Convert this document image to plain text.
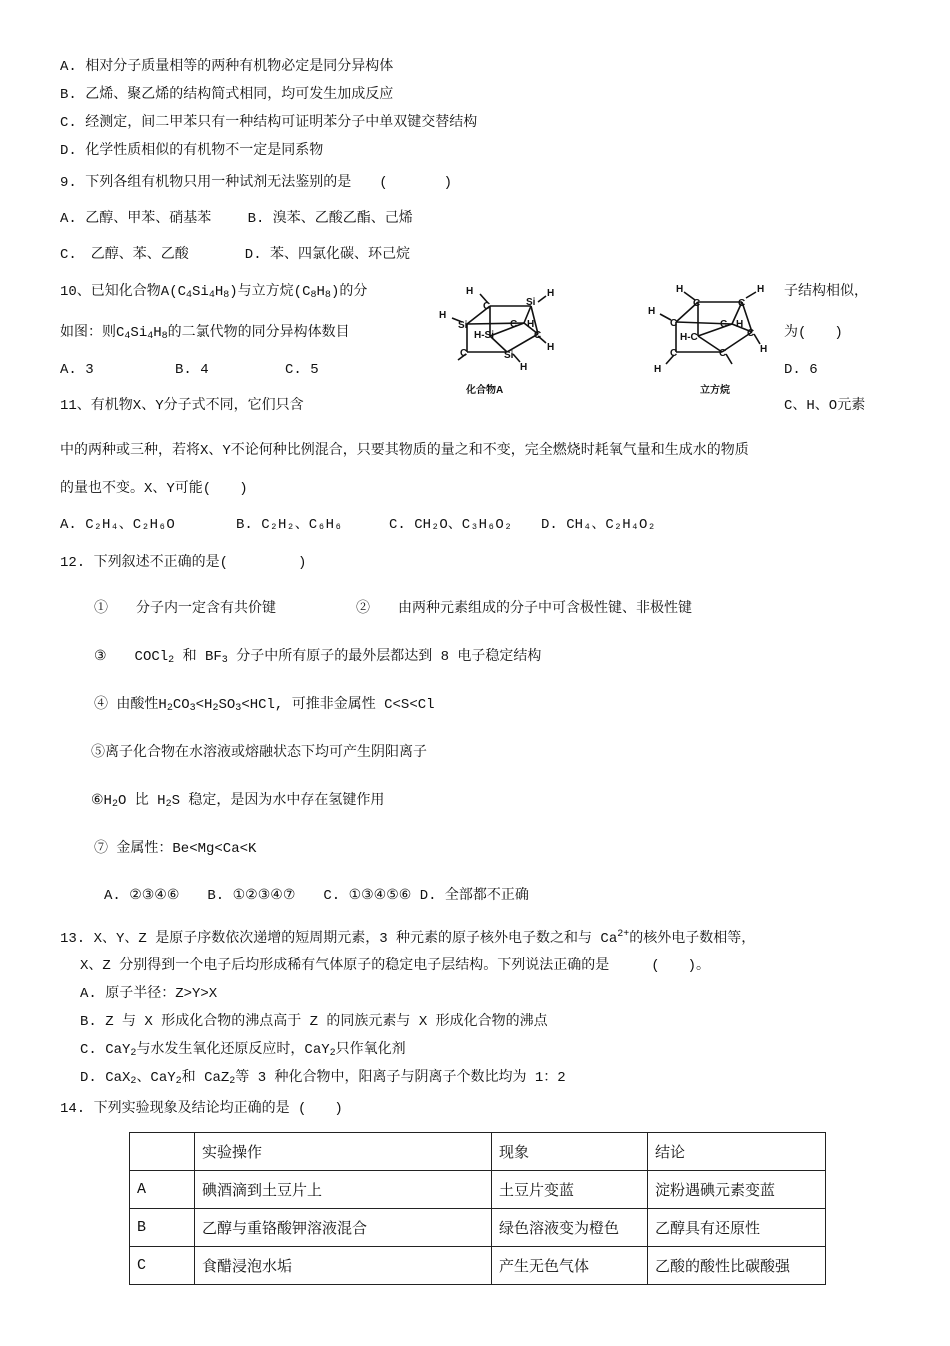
A. 相对分子质量相等的两种有机物必定是同分异构体
B. 乙烯、聚乙烯的结构简式相同，均可发生加成反应
C. 经测定，间二甲苯只有一种结构可证明苯分子中单双键交替结构
D. 化学性质相似的有机物不一定是同系物
9. 下列各组有机物只用一种试剂无法鉴别的是　　(　　　　)
A. 乙醇、甲苯、硝基苯　　 B. 溴苯、乙酸乙酯、己烯
C.　乙醇、苯、乙酸　　　　D. 苯、四氯化碳、环己烷
10、已知化合物$A(C_4Si_4H_8)$与立方烷$(C_8H_8)$的分	子结构相似，
如图：则$C_4Si_4H_8$的二氯代物的同分异构体数目	为(　　)
A. 3	B. 4	C. 5	D. 6
H
C	Si
H
H
Si
H-Si
C H
C
H
C	Si
H
化合物A
H
C	C
H
H
C
H-C
C H
C
H
C	C
H
立方烷
11、有机物X、Y分子式不同，它们只含	C、H、O元素
中的两种或三种，若将X、Y不论何种比例混合，只要其物质的量之和不变，完全燃烧时耗氧气量和生成水的物质
的量也不变。X、Y可能(　　)
A. C₂H₄、C₂H₆O	B. C₂H₂、C₆H₆	C. CH₂O、C₃H₆O₂ D. CH₄、C₂H₄O₂
12. 下列叙述不正确的是(　　　　　)
①　　分子内一定含有共价键	②　　由两种元素组成的分子中可含极性键、非极性键
③　　COCl$_2$ 和 $BF_3$ 分子中所有原子的最外层都达到 8 电子稳定结构
④ 由酸性$H_2CO_3<H_2SO_3<HCl$, 可推非金属性 C<S<Cl
⑤离子化合物在水溶液或熔融状态下均可产生阴阳离子
$⑥H_2O$ 比 $H_2S$ 稳定，是因为水中存在氢键作用
⑦ 金属性：Be<Mg<Ca<K
A. ②③④⑥　　B. ①②③④⑦　　C. ①③④⑤⑥ D. 全部都不正确
13. X、Y、Z 是原子序数依次递增的短周期元素，3 种元素的原子核外电子数之和与 $Ca^{2+}$的核外电子数相等，
X、Z 分别得到一个电子后均形成稀有气体原子的稳定电子层结构。下列说法正确的是　　　(　　)。
A. 原子半径：Z>Y>X
B. Z 与 X 形成化合物的沸点高于 Z 的同族元素与 X 形成化合物的沸点
C. CaY$_2$与水发生氧化还原反应时，CaY$_2$只作氧化剂
D. CaX$_2$、CaY$_2$和 CaZ$_2$等 3 种化合物中，阳离子与阴离子个数比均为 1：2
14. 下列实验现象及结论均正确的是 (　　)
	实验操作	现象	结论
A	碘酒滴到土豆片上	土豆片变蓝	淀粉遇碘元素变蓝
B	乙醇与重铬酸钾溶液混合	绿色溶液变为橙色	乙醇具有还原性
C	食醋浸泡水垢	产生无色气体	乙酸的酸性比碳酸强
